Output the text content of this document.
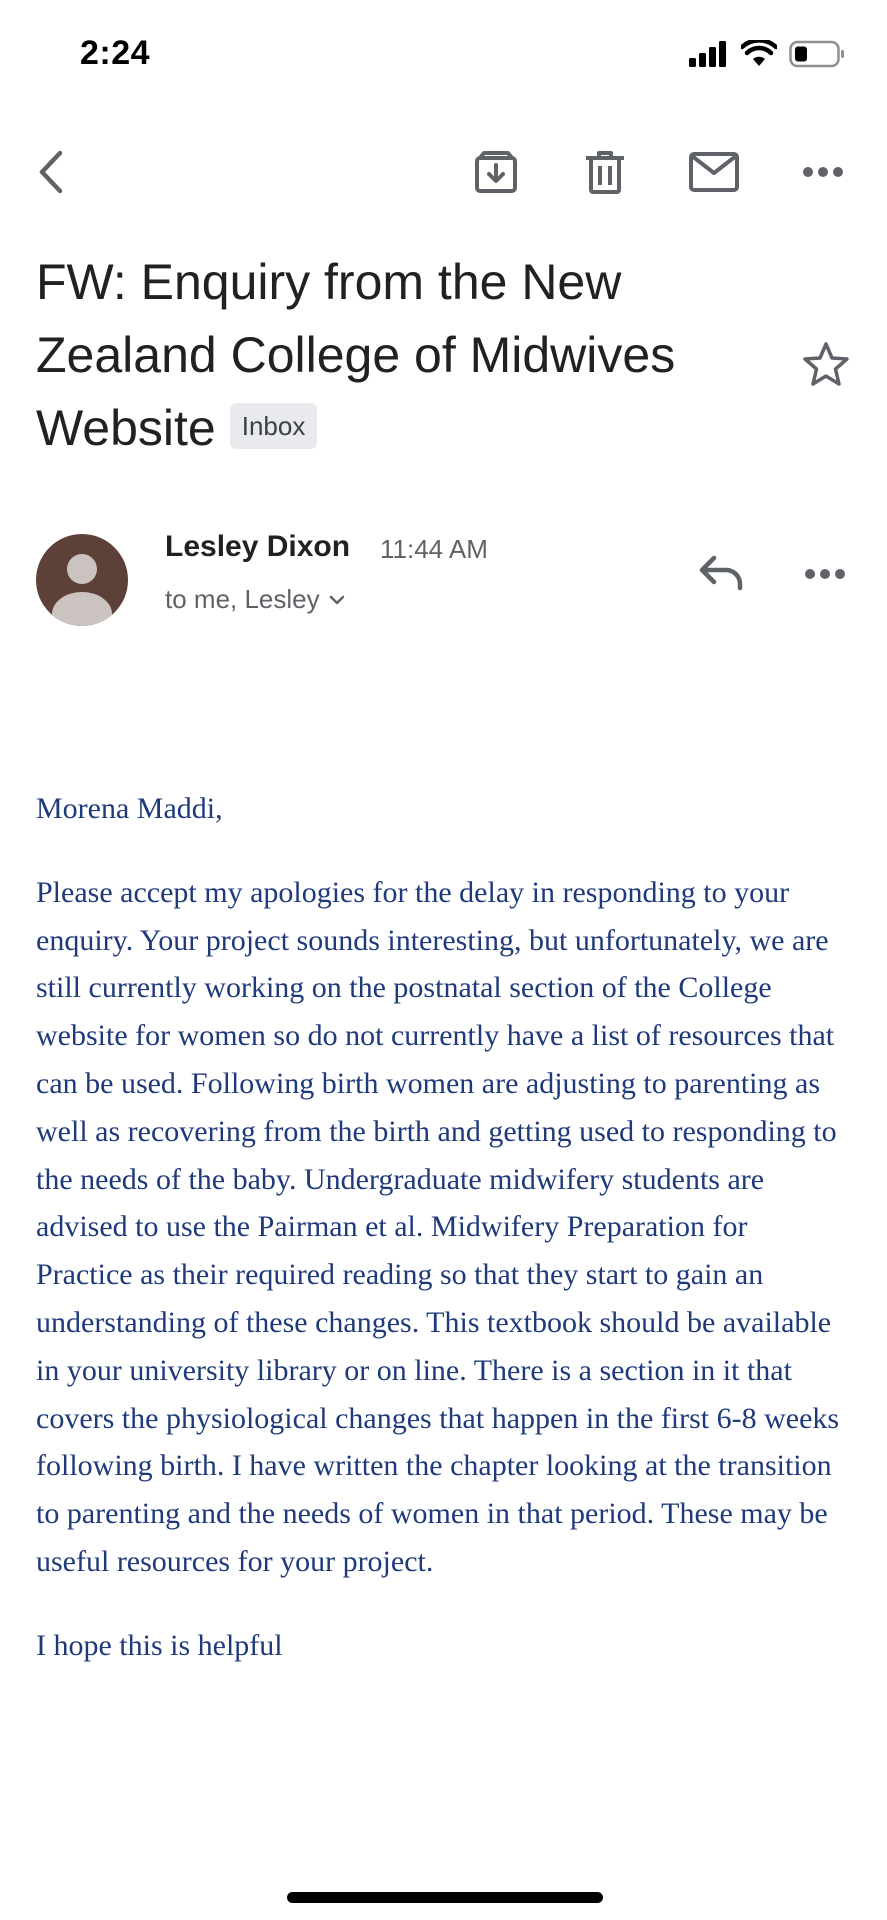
2:24
FW: Enquiry from the New Zealand College of Midwives Website Inbox
Lesley Dixon 11:44 AM
to me, Lesley

Morena Maddi,

Please accept my apologies for the delay in responding to your enquiry. Your project sounds interesting, but unfortunately, we are still currently working on the postnatal section of the College website for women so do not currently have a list of resources that can be used. Following birth women are adjusting to parenting as well as recovering from the birth and getting used to responding to the needs of the baby. Undergraduate midwifery students are advised to use the Pairman et al. Midwifery Preparation for Practice as their required reading so that they start to gain an understanding of these changes. This textbook should be available in your university library or on line. There is a section in it that covers the physiological changes that happen in the first 6-8 weeks following birth. I have written the chapter looking at the transition to parenting and the needs of women in that period. These may be useful resources for your project.

I hope this is helpful
